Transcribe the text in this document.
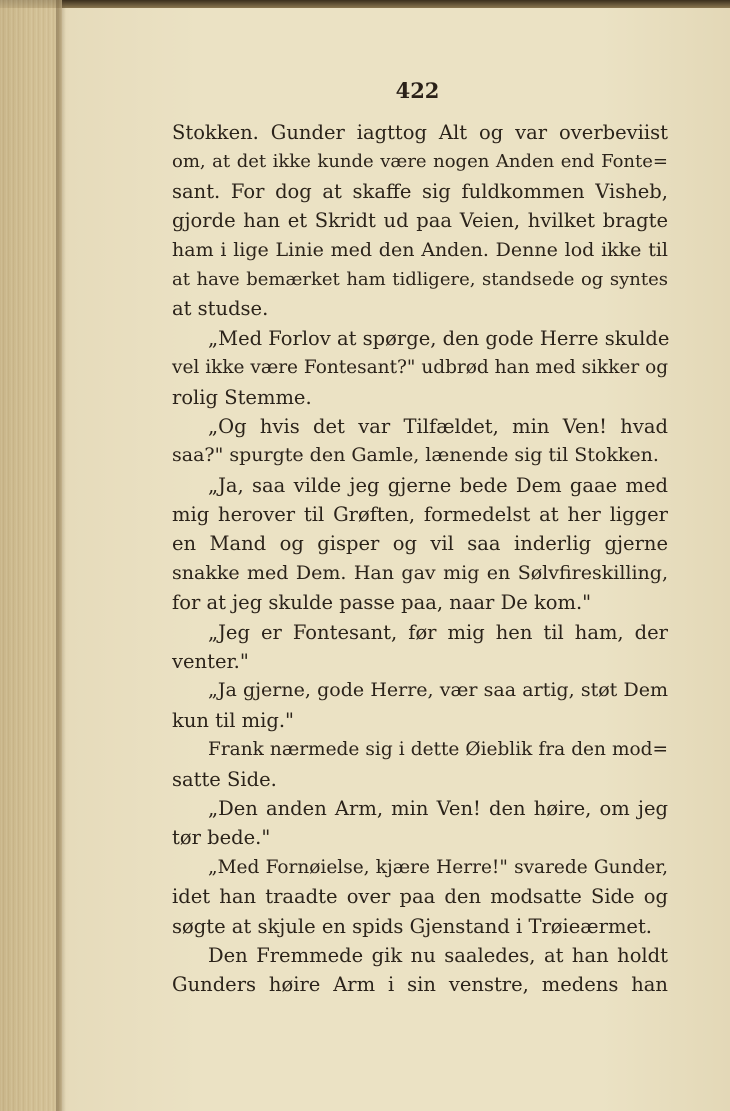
422
Stokken. Gunder iagttog Alt og var overbeviist
om, at det ikke kunde være nogen Anden end Fonte=
sant. For dog at skaffe sig fuldkommen Visheb,
gjorde han et Skridt ud paa Veien, hvilket bragte
ham i lige Linie med den Anden. Denne lod ikke til
at have bemærket ham tidligere, standsede og syntes
at studse.
„Med Forlov at spørge, den gode Herre skulde
vel ikke være Fontesant?" udbrød han med sikker og
rolig Stemme.
„Og hvis det var Tilfældet, min Ven! hvad
saa?" spurgte den Gamle, lænende sig til Stokken.
„Ja, saa vilde jeg gjerne bede Dem gaae med
mig herover til Grøften, formedelst at her ligger
en Mand og gisper og vil saa inderlig gjerne
snakke med Dem. Han gav mig en Sølvfireskilling,
for at jeg skulde passe paa, naar De kom."
„Jeg er Fontesant, før mig hen til ham, der
venter."
„Ja gjerne, gode Herre, vær saa artig, støt Dem
kun til mig."
Frank nærmede sig i dette Øieblik fra den mod=
satte Side.
„Den anden Arm, min Ven! den høire, om jeg
tør bede."
„Med Fornøielse, kjære Herre!" svarede Gunder,
idet han traadte over paa den modsatte Side og
søgte at skjule en spids Gjenstand i Trøieærmet.
Den Fremmede gik nu saaledes, at han holdt
Gunders høire Arm i sin venstre, medens han
